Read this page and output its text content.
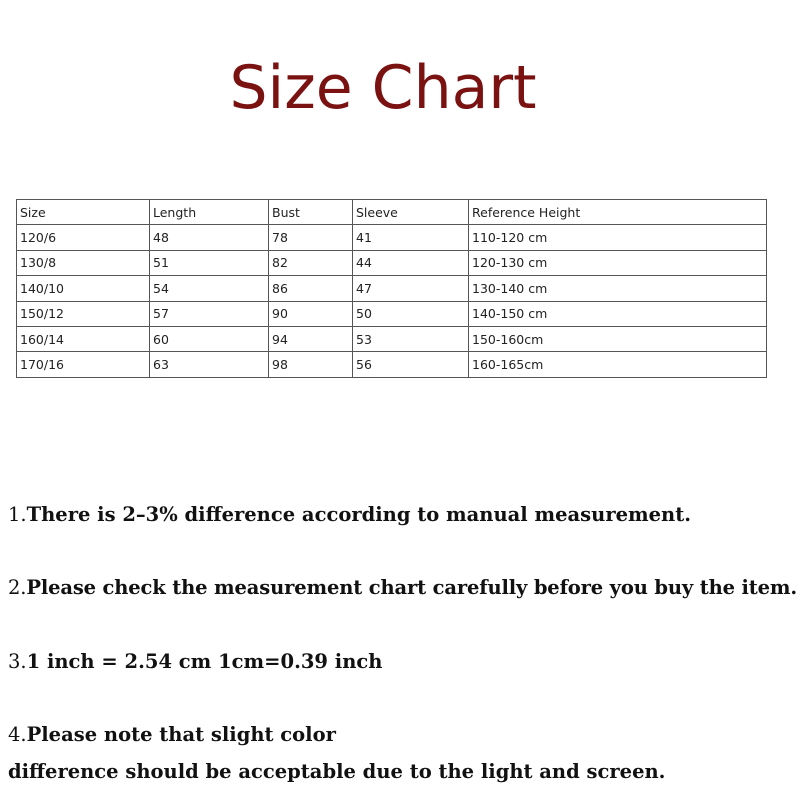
Size Chart
Size	Length	Bust	Sleeve	Reference Height
120/6	48	78	41	110-120 cm
130/8	51	82	44	120-130 cm
140/10	54	86	47	130-140 cm
150/12	57	90	50	140-150 cm
160/14	60	94	53	150-160cm
170/16	63	98	56	160-165cm
1.There is 2–3% difference according to manual measurement.
2.Please check the measurement chart carefully before you buy the item.
3.1 inch = 2.54 cm 1cm=0.39 inch
4.Please note that slight color
difference should be acceptable due to the light and screen.
